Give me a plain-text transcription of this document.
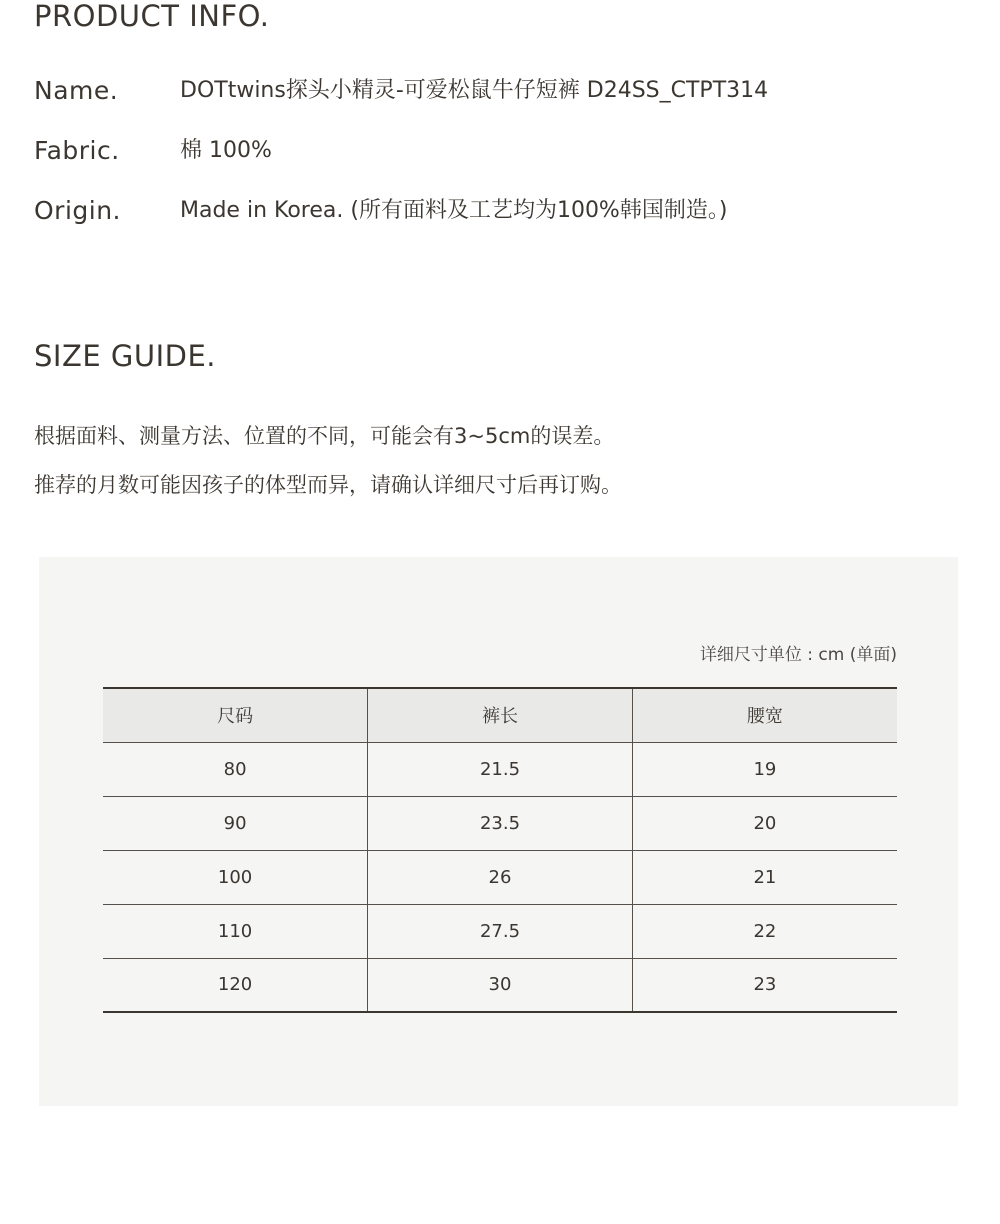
PRODUCT INFO.
Name.	DOTtwins探头小精灵-可爱松鼠牛仔短裤 D24SS_CTPT314
Fabric.	棉 100%
Origin.	Made in Korea. (所有面料及工艺均为100%韩国制造。)
SIZE GUIDE.

根据面料、测量方法、位置的不同，可能会有3~5cm的误差。

推荐的月数可能因孩子的体型而异，请确认详细尺寸后再订购。

详细尺寸单位 : cm (单面)
尺码	裤长	腰宽
80	21.5	19
90	23.5	20
100	26	21
110	27.5	22
120	30	23
